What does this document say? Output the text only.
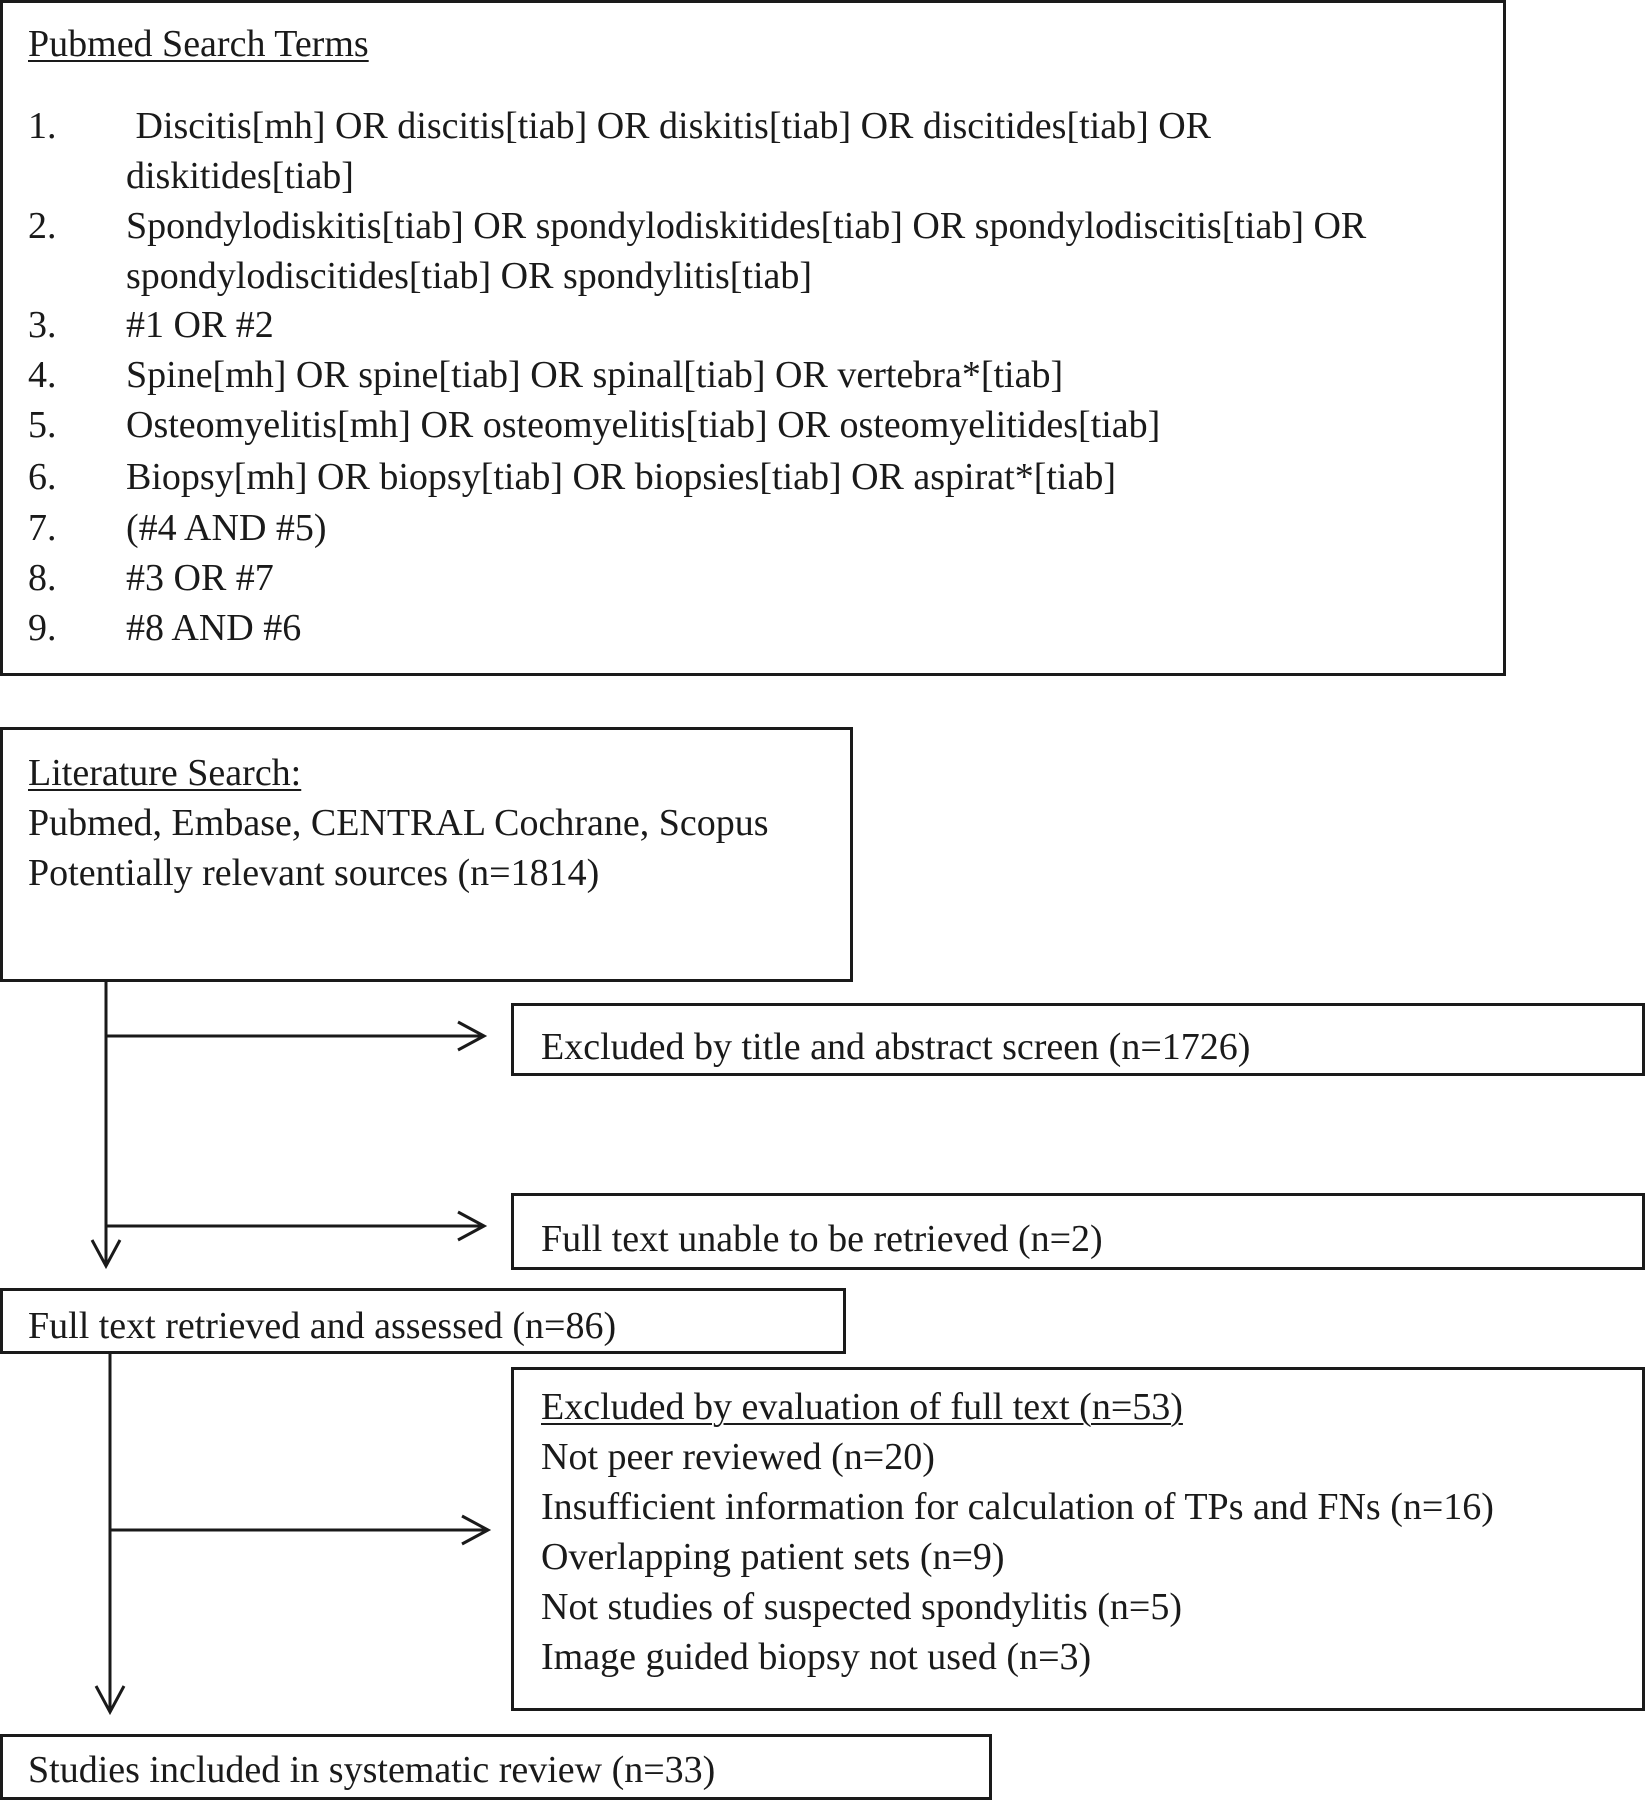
Pubmed Search Terms
1. Discitis[mh] OR discitis[tiab] OR diskitis[tiab] OR discitides[tiab] OR
diskitides[tiab]
2. Spondylodiskitis[tiab] OR spondylodiskitides[tiab] OR spondylodiscitis[tiab] OR
spondylodiscitides[tiab] OR spondylitis[tiab]
3. #1 OR #2
4. Spine[mh] OR spine[tiab] OR spinal[tiab] OR vertebra*[tiab]
5. Osteomyelitis[mh] OR osteomyelitis[tiab] OR osteomyelitides[tiab]
6. Biopsy[mh] OR biopsy[tiab] OR biopsies[tiab] OR aspirat*[tiab]
7. (#4 AND #5)
8. #3 OR #7
9. #8 AND #6
Literature Search:
Pubmed, Embase, CENTRAL Cochrane, Scopus
Potentially relevant sources (n=1814)
Excluded by title and abstract screen (n=1726)
Full text unable to be retrieved (n=2)
Full text retrieved and assessed (n=86)
Excluded by evaluation of full text (n=53)
Not peer reviewed (n=20)
Insufficient information for calculation of TPs and FNs (n=16)
Overlapping patient sets (n=9)
Not studies of suspected spondylitis (n=5)
Image guided biopsy not used (n=3)
Studies included in systematic review (n=33)
